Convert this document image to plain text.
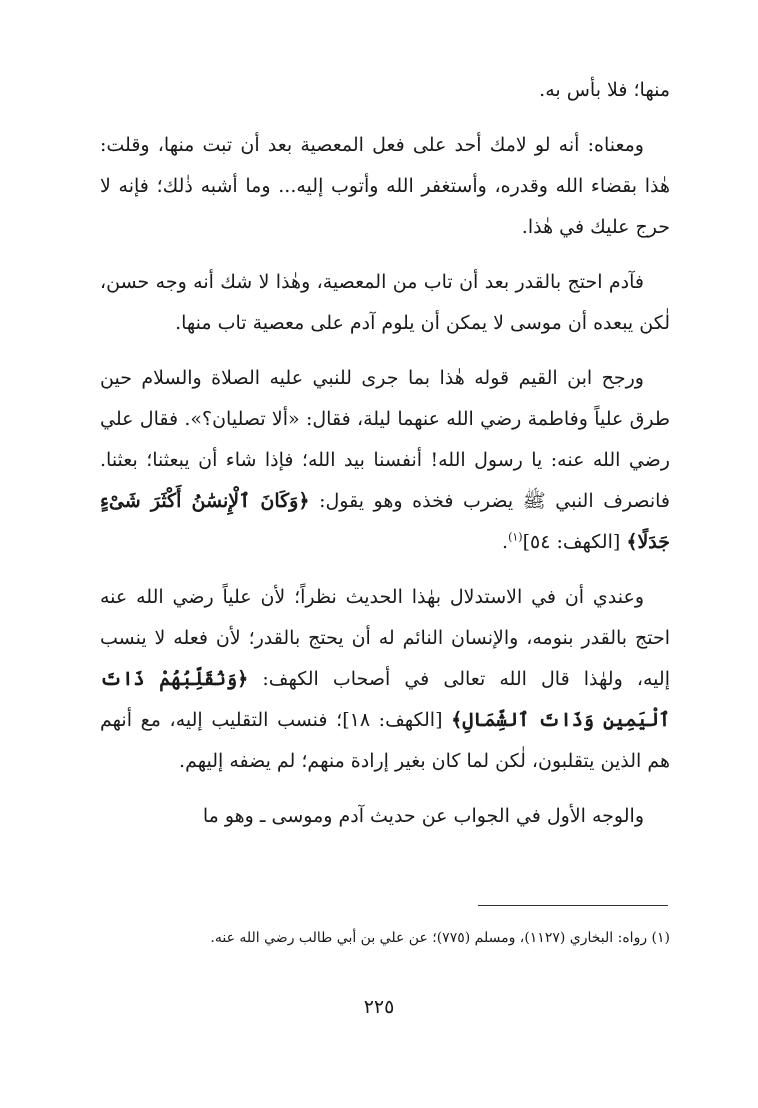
منها؛ فلا بأس به.

ومعناه: أنه لو لامك أحد على فعل المعصية بعد أن تبت منها، وقلت: هٰذا بقضاء الله وقدره، وأستغفر الله وأتوب إليه... وما أشبه ذٰلك؛ فإنه لا حرج عليك في هٰذا.

فآدم احتج بالقدر بعد أن تاب من المعصية، وهٰذا لا شك أنه وجه حسن، لٰكن يبعده أن موسى لا يمكن أن يلوم آدم على معصية تاب منها.

ورجح ابن القيم قوله هٰذا بما جرى للنبي عليه الصلاة والسلام حين طرق علياً وفاطمة رضي الله عنهما ليلة، فقال: «ألا تصليان؟». فقال علي رضي الله عنه: يا رسول الله! أنفسنا بيد الله؛ فإذا شاء أن يبعثنا؛ بعثنا. فانصرف النبي ﷺ يضرب فخذه وهو يقول: ﴿وَكَانَ ٱلْإِنسَٰنُ أَكْثَرَ شَىْءٍ جَدَلًا﴾ [الكهف: ٥٤]$^{(١)}$.

وعندي أن في الاستدلال بهٰذا الحديث نظراً؛ لأن علياً رضي الله عنه احتج بالقدر بنومه، والإنسان النائم له أن يحتج بالقدر؛ لأن فعله لا ينسب إليه، ولهٰذا قال الله تعالى في أصحاب الكهف: ﴿وَنُقَلِّبُهُمْ ذَاتَ ٱلْيَمِينِ وَذَاتَ ٱلشِّمَالِ﴾ [الكهف: ١٨]؛ فنسب التقليب إليه، مع أنهم هم الذين يتقلبون، لٰكن لما كان بغير إرادة منهم؛ لم يضفه إليهم.

والوجه الأول في الجواب عن حديث آدم وموسى ـ وهو ما

(١) رواه: البخاري (١١٢٧)، ومسلم (٧٧٥)؛ عن علي بن أبي طالب رضي الله عنه.
٢٢٥
